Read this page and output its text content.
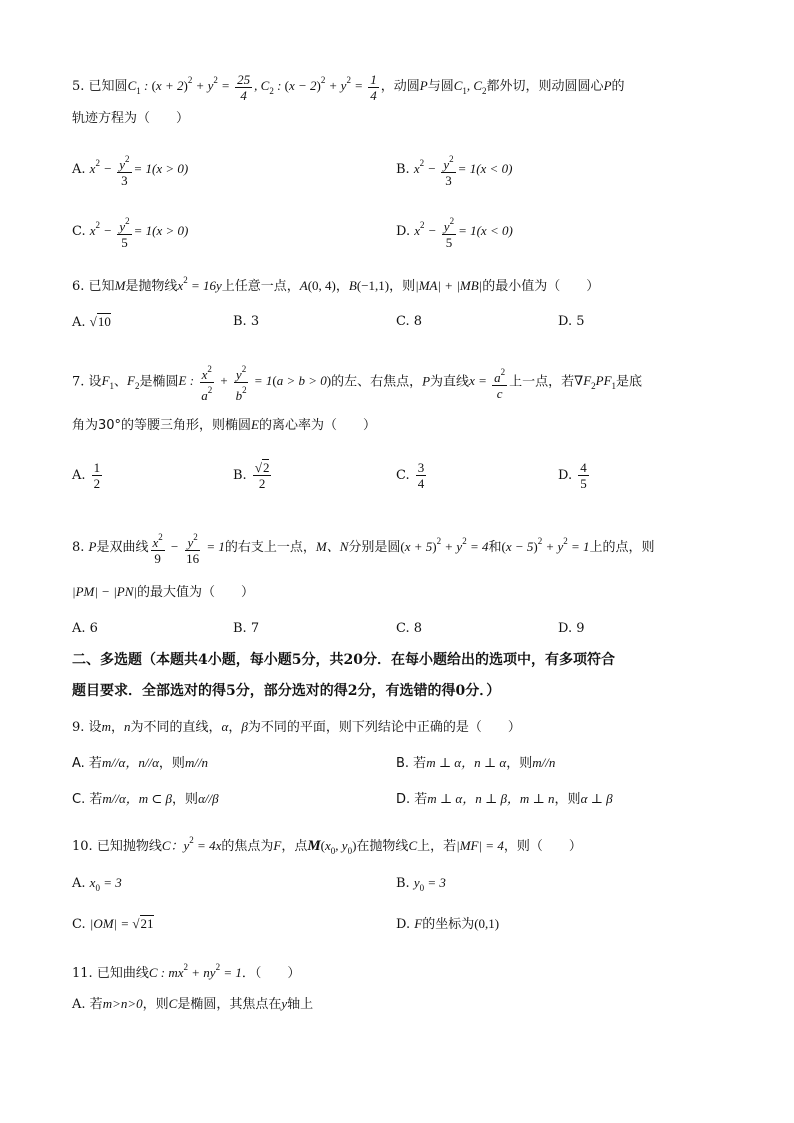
5. 已知圆$C_1$ : $(x + 2)^2 + y^2 = \frac{25}{4}$ , $C_2$ : $(x - 2)^2 + y^2 = \frac{1}{4}$ ，动圆P与圆$C_1$, $C_2$都外切，则动圆圆心P的
轨迹方程为（　　）
A. $x^2 - \frac{y^2}{3} = 1(x > 0)$	B. $x^2 - \frac{y^2}{3} = 1(x < 0)$
C. $x^2 - \frac{y^2}{5} = 1(x > 0)$	D. $x^2 - \frac{y^2}{5} = 1(x < 0)$
6. 已知M是抛物线$x^2 = 16y$上任意一点，A(0, 4)，B(−1,1)，则|MA| + |MB|的最小值为（　　）
A. √10	B. 3	C. 8	D. 5
7. 设$F_1$、$F_2$是椭圆E : $\frac{x^2}{a^2} + \frac{y^2}{b^2} = 1(a > b > 0)$的左、右焦点，P为直线$x = \frac{a^2}{c}$ 上一点，若$\nabla F_2PF_1$是底
角为30°的等腰三角形，则椭圆E的离心率为（　　）
A. $\frac{1}{2}$	B. $\frac{√2}{2}$	C. $\frac{3}{4}$	D. $\frac{4}{5}$
8. P是双曲线 $\frac{x^2}{9} - \frac{y^2}{16} = 1$的右支上一点，M、N分别是圆$(x + 5)^2 + y^2 = 4$和$(x - 5)^2 + y^2 = 1$上的点，则
|PM| − |PN|的最大值为（　　）
A. 6	B. 7	C. 8	D. 9
二、多选题（本题共4小题，每小题5分，共20分．在每小题给出的选项中，有多项符合
题目要求．全部选对的得5分，部分选对的得2分，有选错的得0分．）
9. 设m，n为不同的直线，α，β为不同的平面，则下列结论中正确的是（　　）
A. 若m//α，n//α，则m//n	B. 若m ⊥ α，n ⊥ α，则m//n
C. 若m//α，m ⊂ β，则α//β	D. 若m ⊥ α，n ⊥ β，m ⊥ n，则α ⊥ β
10. 已知抛物线C：$y^2 = 4x$的焦点为F，点$M(x_0$, $y_0$)在抛物线C上，若|MF| = 4，则（　　）
A. $x_0 = 3$	B. $y_0 = 3$
C. |OM| = √21	D. F的坐标为(0,1)
11. 已知曲线C : $mx^2 + ny^2 = 1$．（　　）
A. 若m>n>0，则C是椭圆，其焦点在y轴上
